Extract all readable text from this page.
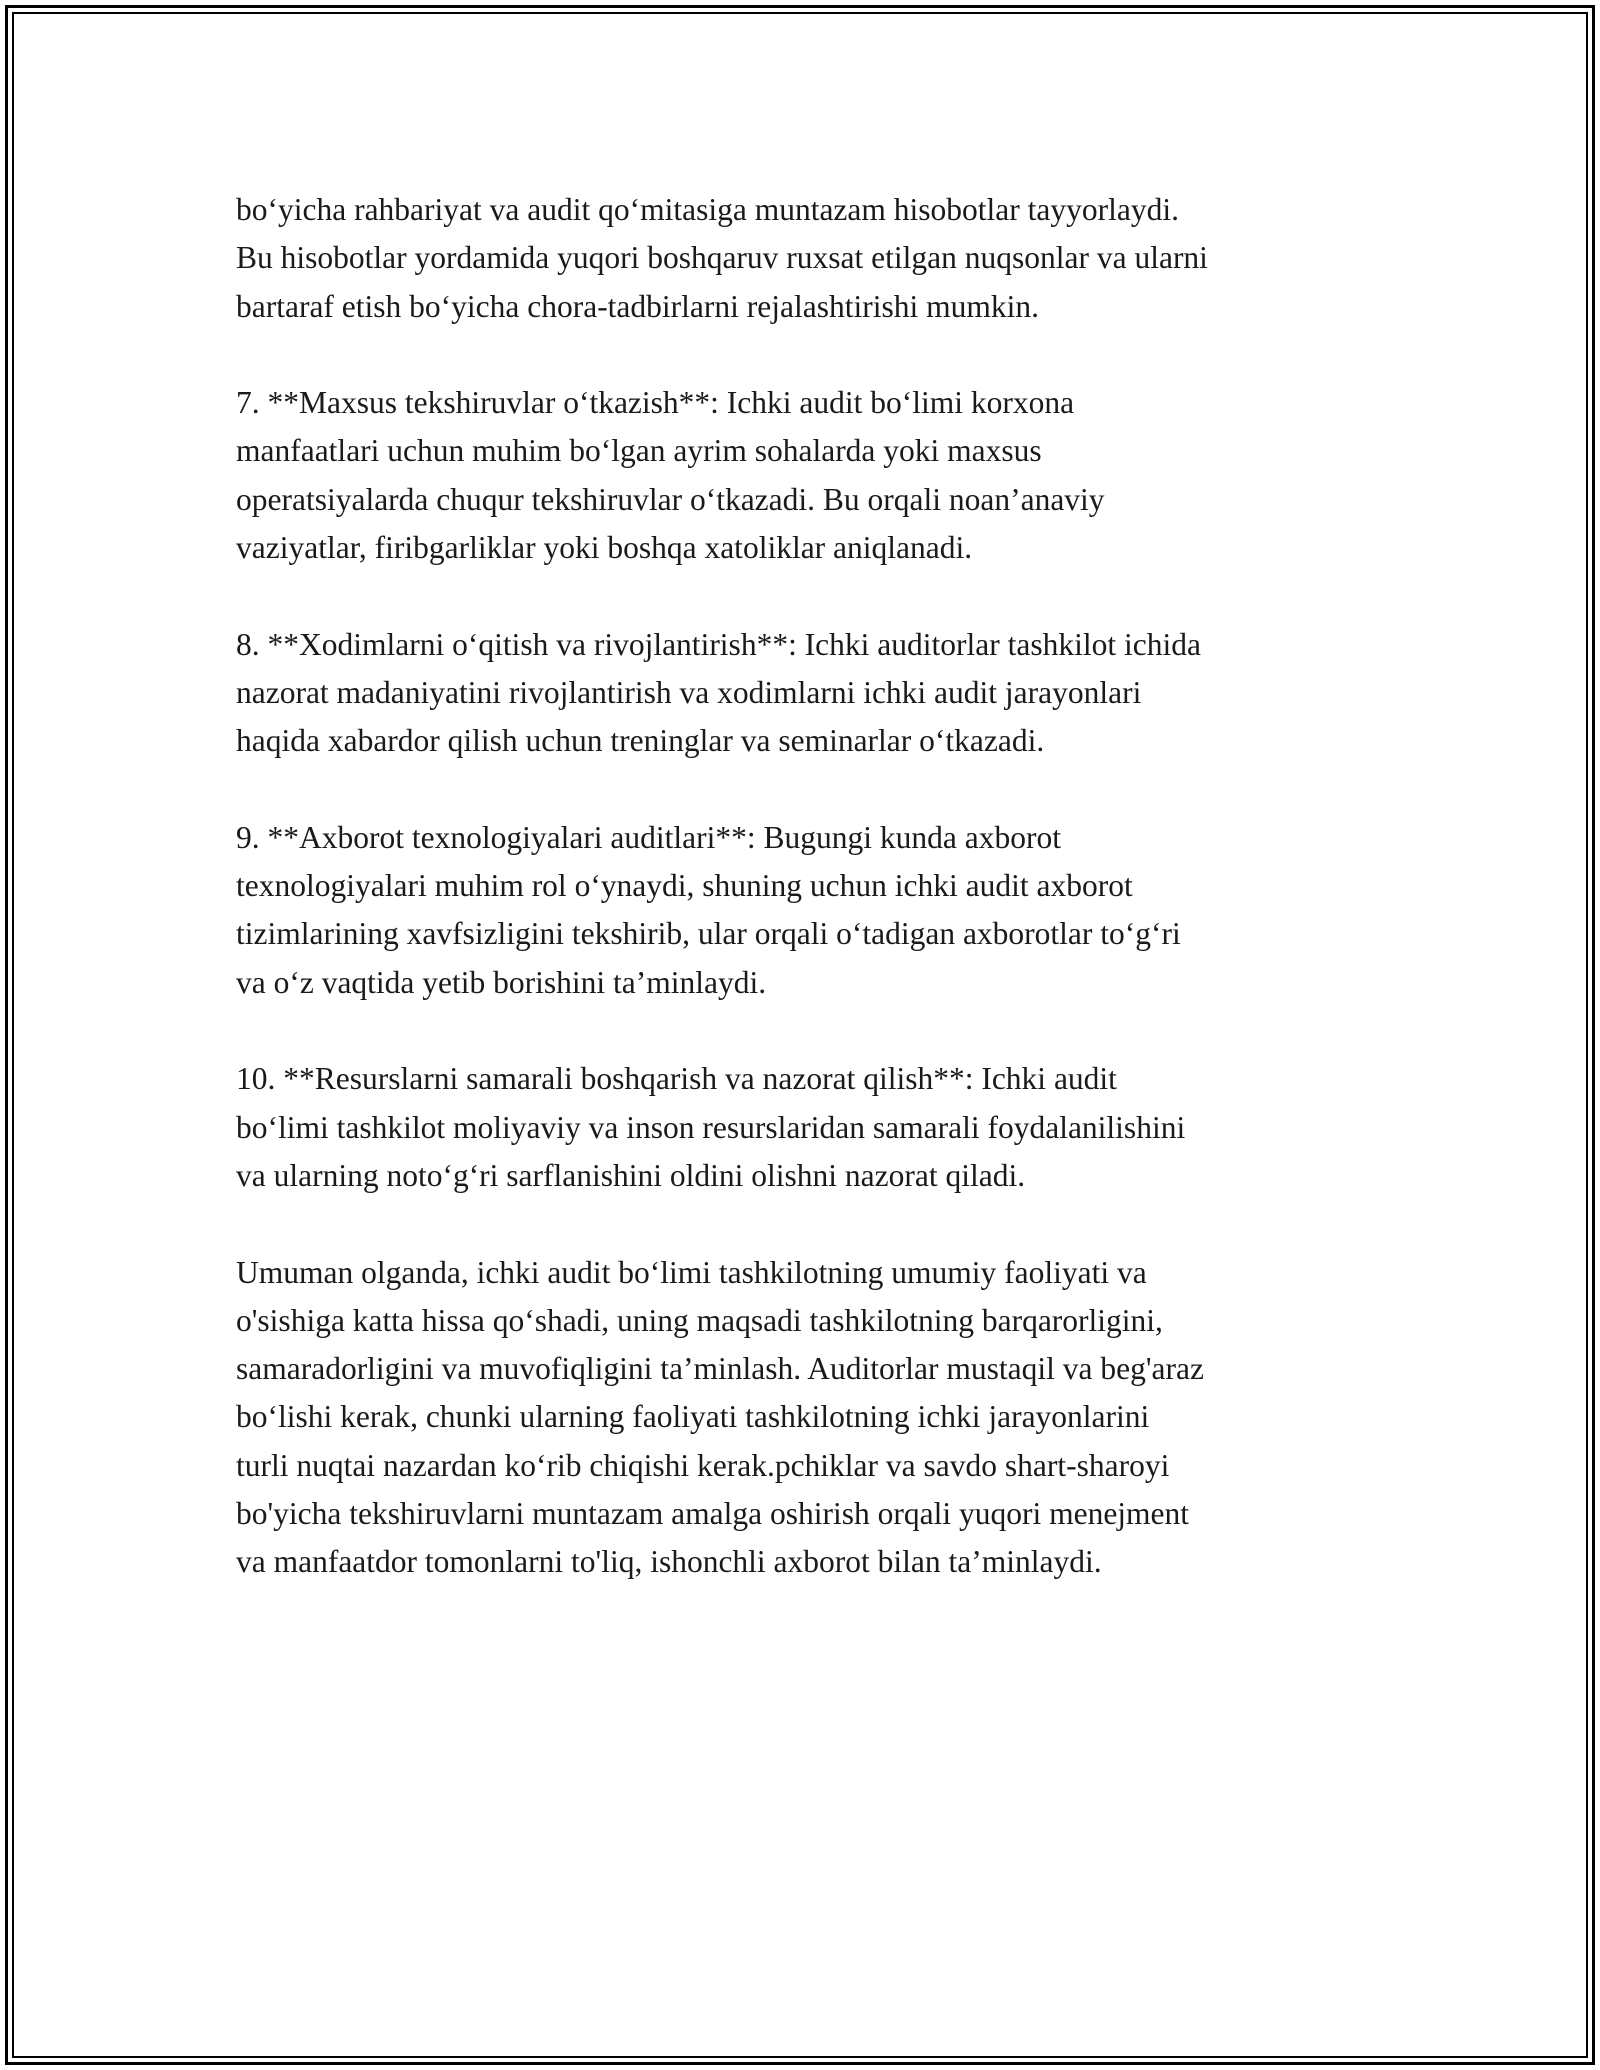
bo‘yicha rahbariyat va audit qo‘mitasiga muntazam hisobotlar tayyorlaydi.
Bu hisobotlar yordamida yuqori boshqaruv ruxsat etilgan nuqsonlar va ularni
bartaraf etish bo‘yicha chora-tadbirlarni rejalashtirishi mumkin.

7. **Maxsus tekshiruvlar o‘tkazish**: Ichki audit bo‘limi korxona
manfaatlari uchun muhim bo‘lgan ayrim sohalarda yoki maxsus
operatsiyalarda chuqur tekshiruvlar o‘tkazadi. Bu orqali noan’anaviy
vaziyatlar, firibgarliklar yoki boshqa xatoliklar aniqlanadi.

8. **Xodimlarni o‘qitish va rivojlantirish**: Ichki auditorlar tashkilot ichida
nazorat madaniyatini rivojlantirish va xodimlarni ichki audit jarayonlari
haqida xabardor qilish uchun treninglar va seminarlar o‘tkazadi.

9. **Axborot texnologiyalari auditlari**: Bugungi kunda axborot
texnologiyalari muhim rol o‘ynaydi, shuning uchun ichki audit axborot
tizimlarining xavfsizligini tekshirib, ular orqali o‘tadigan axborotlar to‘g‘ri
va o‘z vaqtida yetib borishini ta’minlaydi.

10. **Resurslarni samarali boshqarish va nazorat qilish**: Ichki audit
bo‘limi tashkilot moliyaviy va inson resurslaridan samarali foydalanilishini
va ularning noto‘g‘ri sarflanishini oldini olishni nazorat qiladi.

Umuman olganda, ichki audit bo‘limi tashkilotning umumiy faoliyati va
o'sishiga katta hissa qo‘shadi, uning maqsadi tashkilotning barqarorligini,
samaradorligini va muvofiqligini ta’minlash. Auditorlar mustaqil va beg'araz
bo‘lishi kerak, chunki ularning faoliyati tashkilotning ichki jarayonlarini
turli nuqtai nazardan ko‘rib chiqishi kerak.pchiklar va savdo shart-sharoyi
bo'yicha tekshiruvlarni muntazam amalga oshirish orqali yuqori menejment
va manfaatdor tomonlarni to'liq, ishonchli axborot bilan ta’minlaydi.
